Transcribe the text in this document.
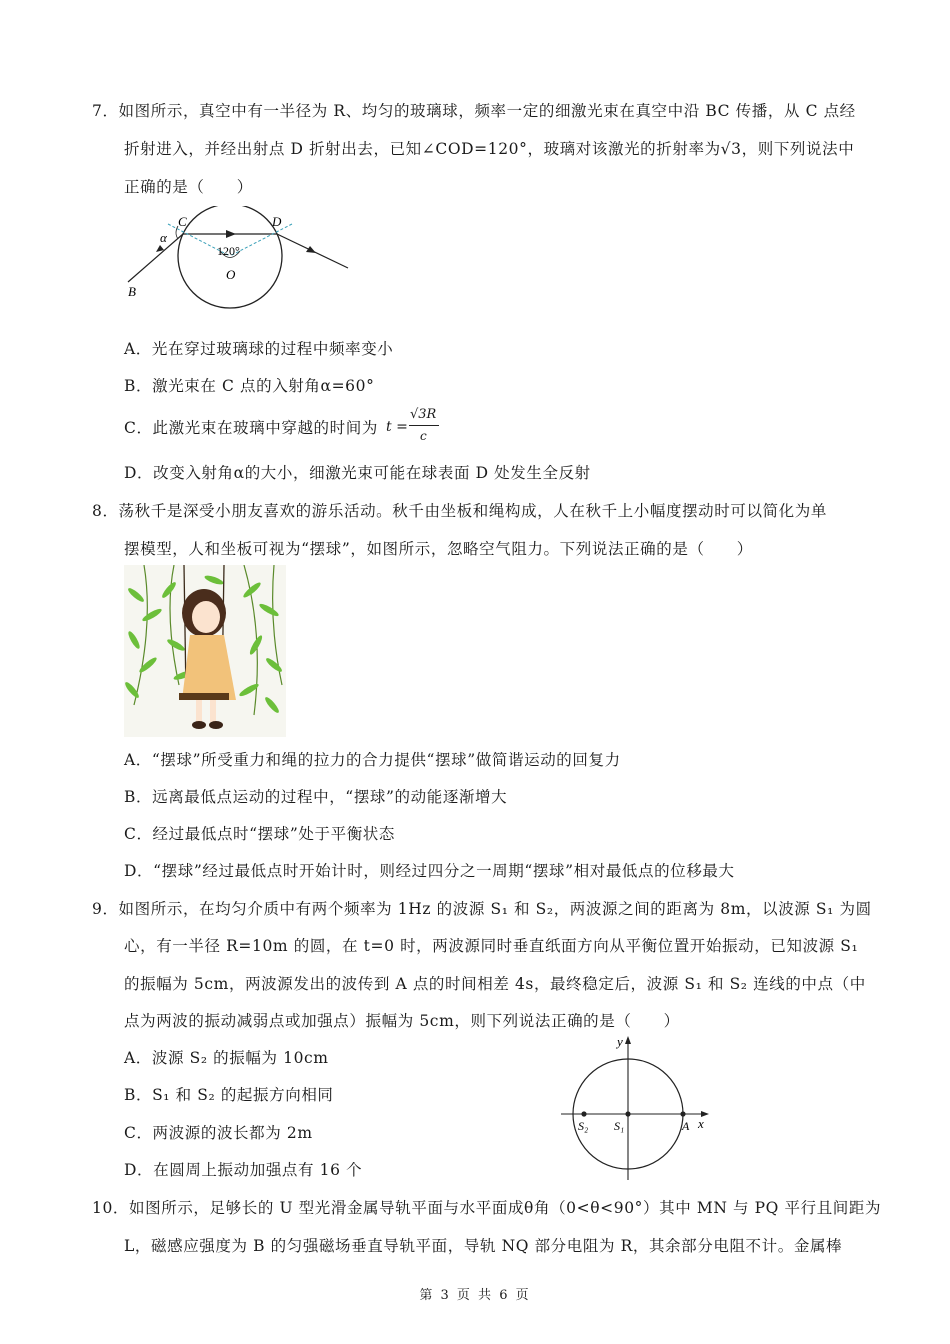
7．如图所示，真空中有一半径为 R、均匀的玻璃球，频率一定的细激光束在真空中沿 BC 传播，从 C 点经
折射进入，并经出射点 D 折射出去，已知∠COD=120°，玻璃对该激光的折射率为√3，则下列说法中
正确的是（　　）
C	D
O
B
α
120°
A．光在穿过玻璃球的过程中频率变小
B．激光束在 C 点的入射角α=60°
C．此激光束在玻璃中穿越的时间为 t =
√3R
c
D．改变入射角α的大小，细激光束可能在球表面 D 处发生全反射
8．荡秋千是深受小朋友喜欢的游乐活动。秋千由坐板和绳构成，人在秋千上小幅度摆动时可以简化为单
摆模型，人和坐板可视为“摆球”，如图所示，忽略空气阻力。下列说法正确的是（　　）
A．“摆球”所受重力和绳的拉力的合力提供“摆球”做简谐运动的回复力
B．远离最低点运动的过程中，“摆球”的动能逐渐增大
C．经过最低点时“摆球”处于平衡状态
D．“摆球”经过最低点时开始计时，则经过四分之一周期“摆球”相对最低点的位移最大
9．如图所示，在均匀介质中有两个频率为 1Hz 的波源 S₁ 和 S₂，两波源之间的距离为 8m，以波源 S₁ 为圆
心，有一半径 R=10m 的圆，在 t=0 时，两波源同时垂直纸面方向从平衡位置开始振动，已知波源 S₁
的振幅为 5cm，两波源发出的波传到 A 点的时间相差 4s，最终稳定后，波源 S₁ 和 S₂ 连线的中点（中
点为两波的振动减弱点或加强点）振幅为 5cm，则下列说法正确的是（　　）
A．波源 S₂ 的振幅为 10cm
B．S₁ 和 S₂ 的起振方向相同
C．两波源的波长都为 2m
D．在圆周上振动加强点有 16 个
y
x
S₂ S₁	A
10．如图所示，足够长的 U 型光滑金属导轨平面与水平面成θ角（0<θ<90°）其中 MN 与 PQ 平行且间距为
L，磁感应强度为 B 的匀强磁场垂直导轨平面，导轨 NQ 部分电阻为 R，其余部分电阻不计。金属棒
第 3 页 共 6 页
